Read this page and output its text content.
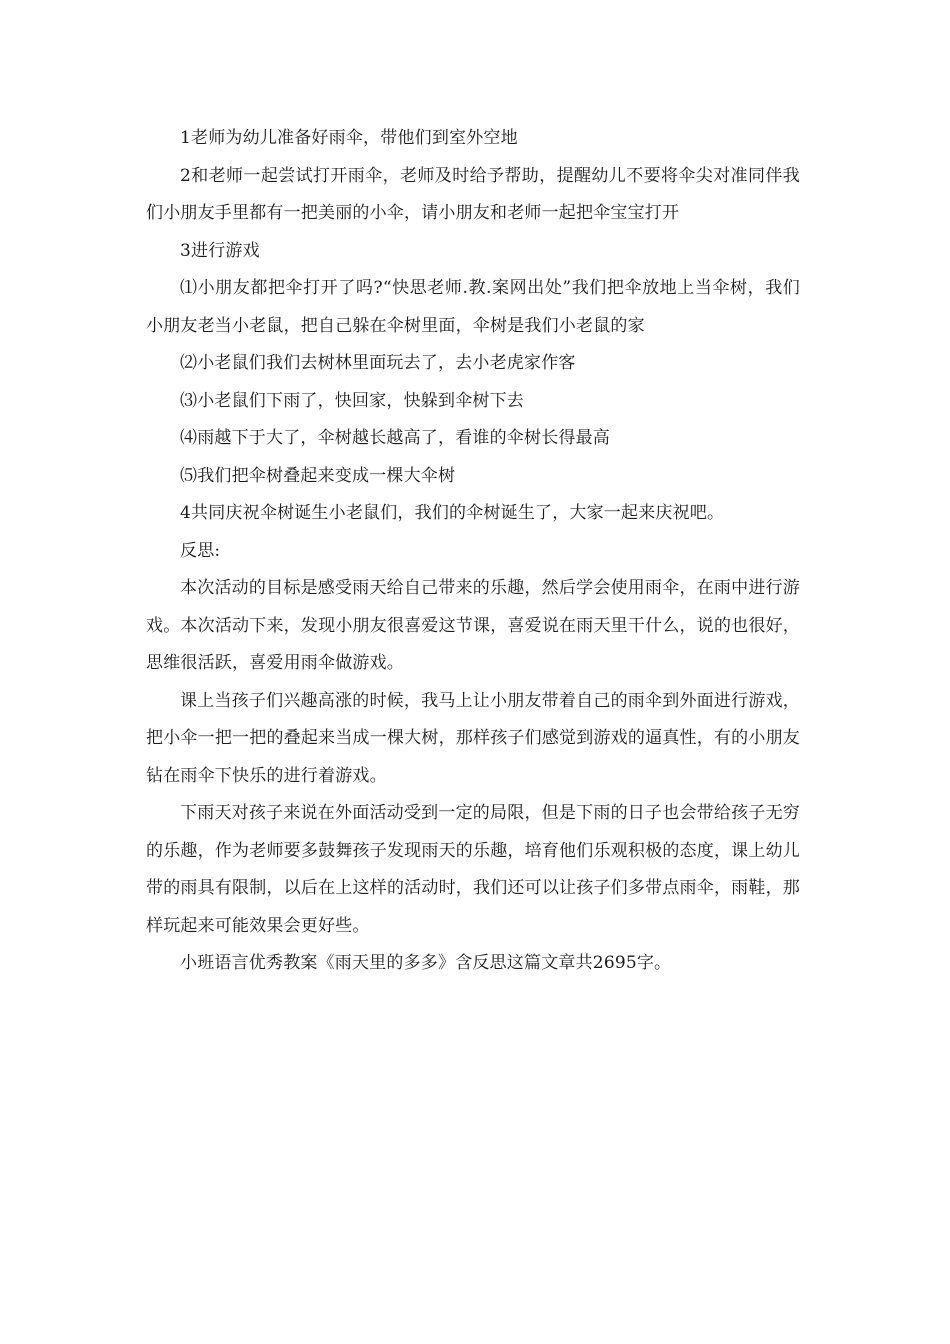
1老师为幼儿准备好雨伞，带他们到室外空地

2和老师一起尝试打开雨伞，老师及时给予帮助，提醒幼儿不要将伞尖对准同伴我们小朋友手里都有一把美丽的小伞，请小朋友和老师一起把伞宝宝打开

3进行游戏

⑴小朋友都把伞打开了吗?“快思老师.教.案网出处”我们把伞放地上当伞树，我们小朋友老当小老鼠，把自己躲在伞树里面，伞树是我们小老鼠的家

⑵小老鼠们我们去树林里面玩去了，去小老虎家作客

⑶小老鼠们下雨了，快回家，快躲到伞树下去

⑷雨越下于大了，伞树越长越高了，看谁的伞树长得最高

⑸我们把伞树叠起来变成一棵大伞树

4共同庆祝伞树诞生小老鼠们，我们的伞树诞生了，大家一起来庆祝吧。

反思:

本次活动的目标是感受雨天给自己带来的乐趣，然后学会使用雨伞，在雨中进行游戏。本次活动下来，发现小朋友很喜爱这节课，喜爱说在雨天里干什么，说的也很好，思维很活跃，喜爱用雨伞做游戏。

课上当孩子们兴趣高涨的时候，我马上让小朋友带着自己的雨伞到外面进行游戏，把小伞一把一把的叠起来当成一棵大树，那样孩子们感觉到游戏的逼真性，有的小朋友钻在雨伞下快乐的进行着游戏。

下雨天对孩子来说在外面活动受到一定的局限，但是下雨的日子也会带给孩子无穷的乐趣，作为老师要多鼓舞孩子发现雨天的乐趣，培育他们乐观积极的态度，课上幼儿带的雨具有限制，以后在上这样的活动时，我们还可以让孩子们多带点雨伞，雨鞋，那样玩起来可能效果会更好些。

小班语言优秀教案《雨天里的多多》含反思这篇文章共2695字。
